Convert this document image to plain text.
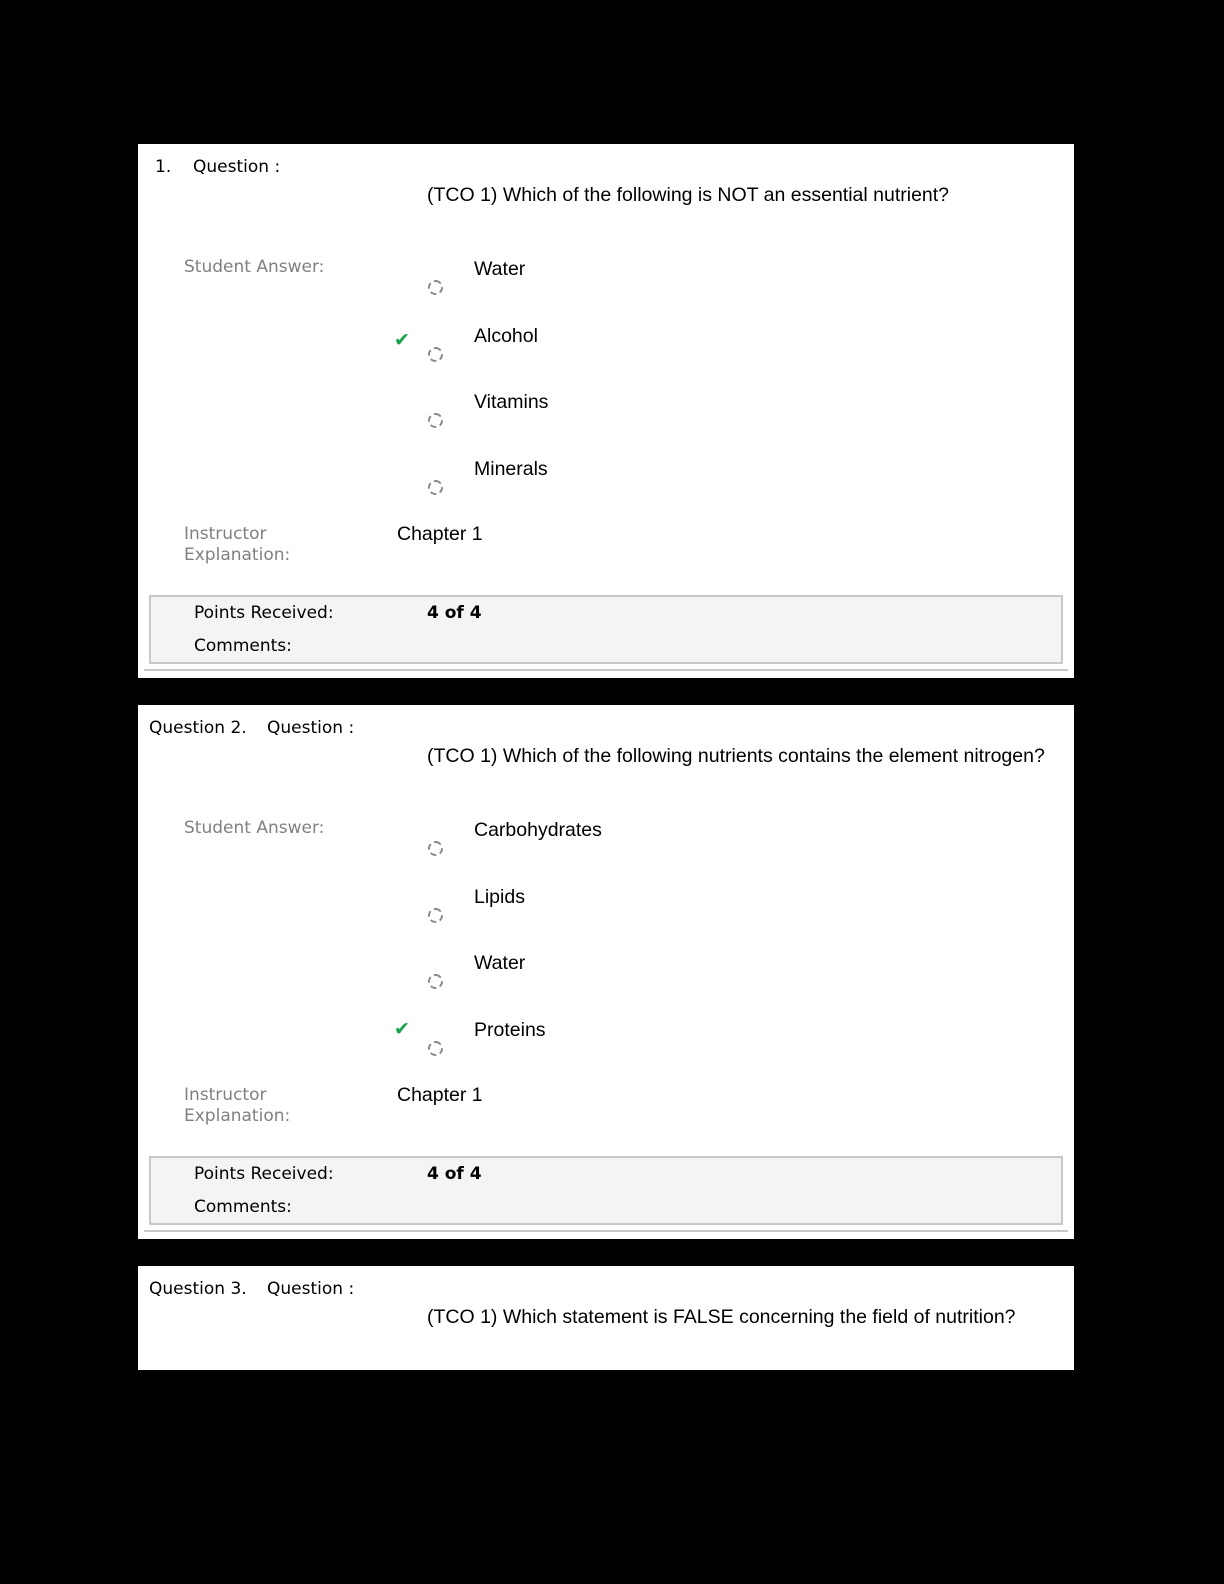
1. Question :
(TCO 1) Which of the following is NOT an essential nutrient?
Student Answer:	Water
✔	Alcohol
Vitamins
Minerals
Instructor
Explanation:
Chapter 1
Points Received:	4 of 4
Comments:
Question 2. Question :
(TCO 1) Which of the following nutrients contains the element nitrogen?
Student Answer:	Carbohydrates
Lipids
Water
✔	Proteins
Instructor
Explanation:
Chapter 1
Points Received:	4 of 4
Comments:
Question 3. Question :
(TCO 1) Which statement is FALSE concerning the field of nutrition?
